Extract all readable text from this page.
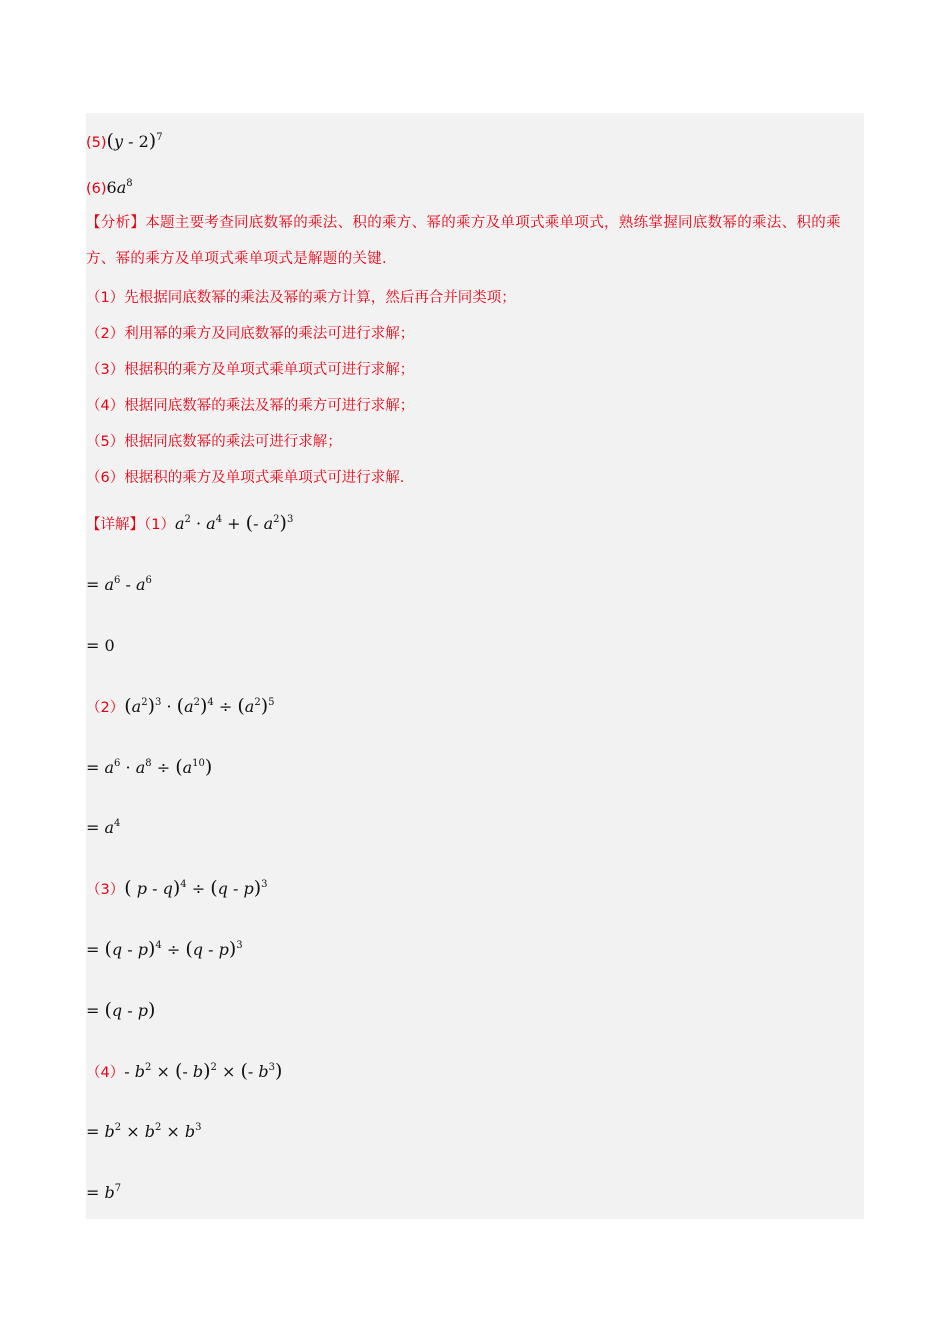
(5)(y - 2)$^7$
$(6)6a^8$
【分析】本题主要考查同底数幂的乘法、积的乘方、幂的乘方及单项式乘单项式，熟练掌握同底数幂的乘法、积的乘方、幂的乘方及单项式乘单项式是解题的关键.
（1）先根据同底数幂的乘法及幂的乘方计算，然后再合并同类项；
（2）利用幂的乘方及同底数幂的乘法可进行求解；
（3）根据积的乘方及单项式乘单项式可进行求解；
（4）根据同底数幂的乘法及幂的乘方可进行求解；
（5）根据同底数幂的乘法可进行求解；
（6）根据积的乘方及单项式乘单项式可进行求解.
【详解】$(1)a^2 \cdot a^4$ + (- $a^2)^3$
= $a^6 - a^6$
= 0
$(2)(a^2)^3 \cdot (a^2)^4 \div (a^2)^5$
= $a^6 \cdot a^8 \div (a^{10})$
= $a^4$
（3）( p - q)$^4$ ÷ (q - p)$^3$
= (q - p)$^4$ ÷ (q - p)$^3$
= (q - p)
（4）- $b^2$ × (- b)$^2$ × (- $b^3$)
= $b^2 \times b^2 \times b^3$
= $b^7$
